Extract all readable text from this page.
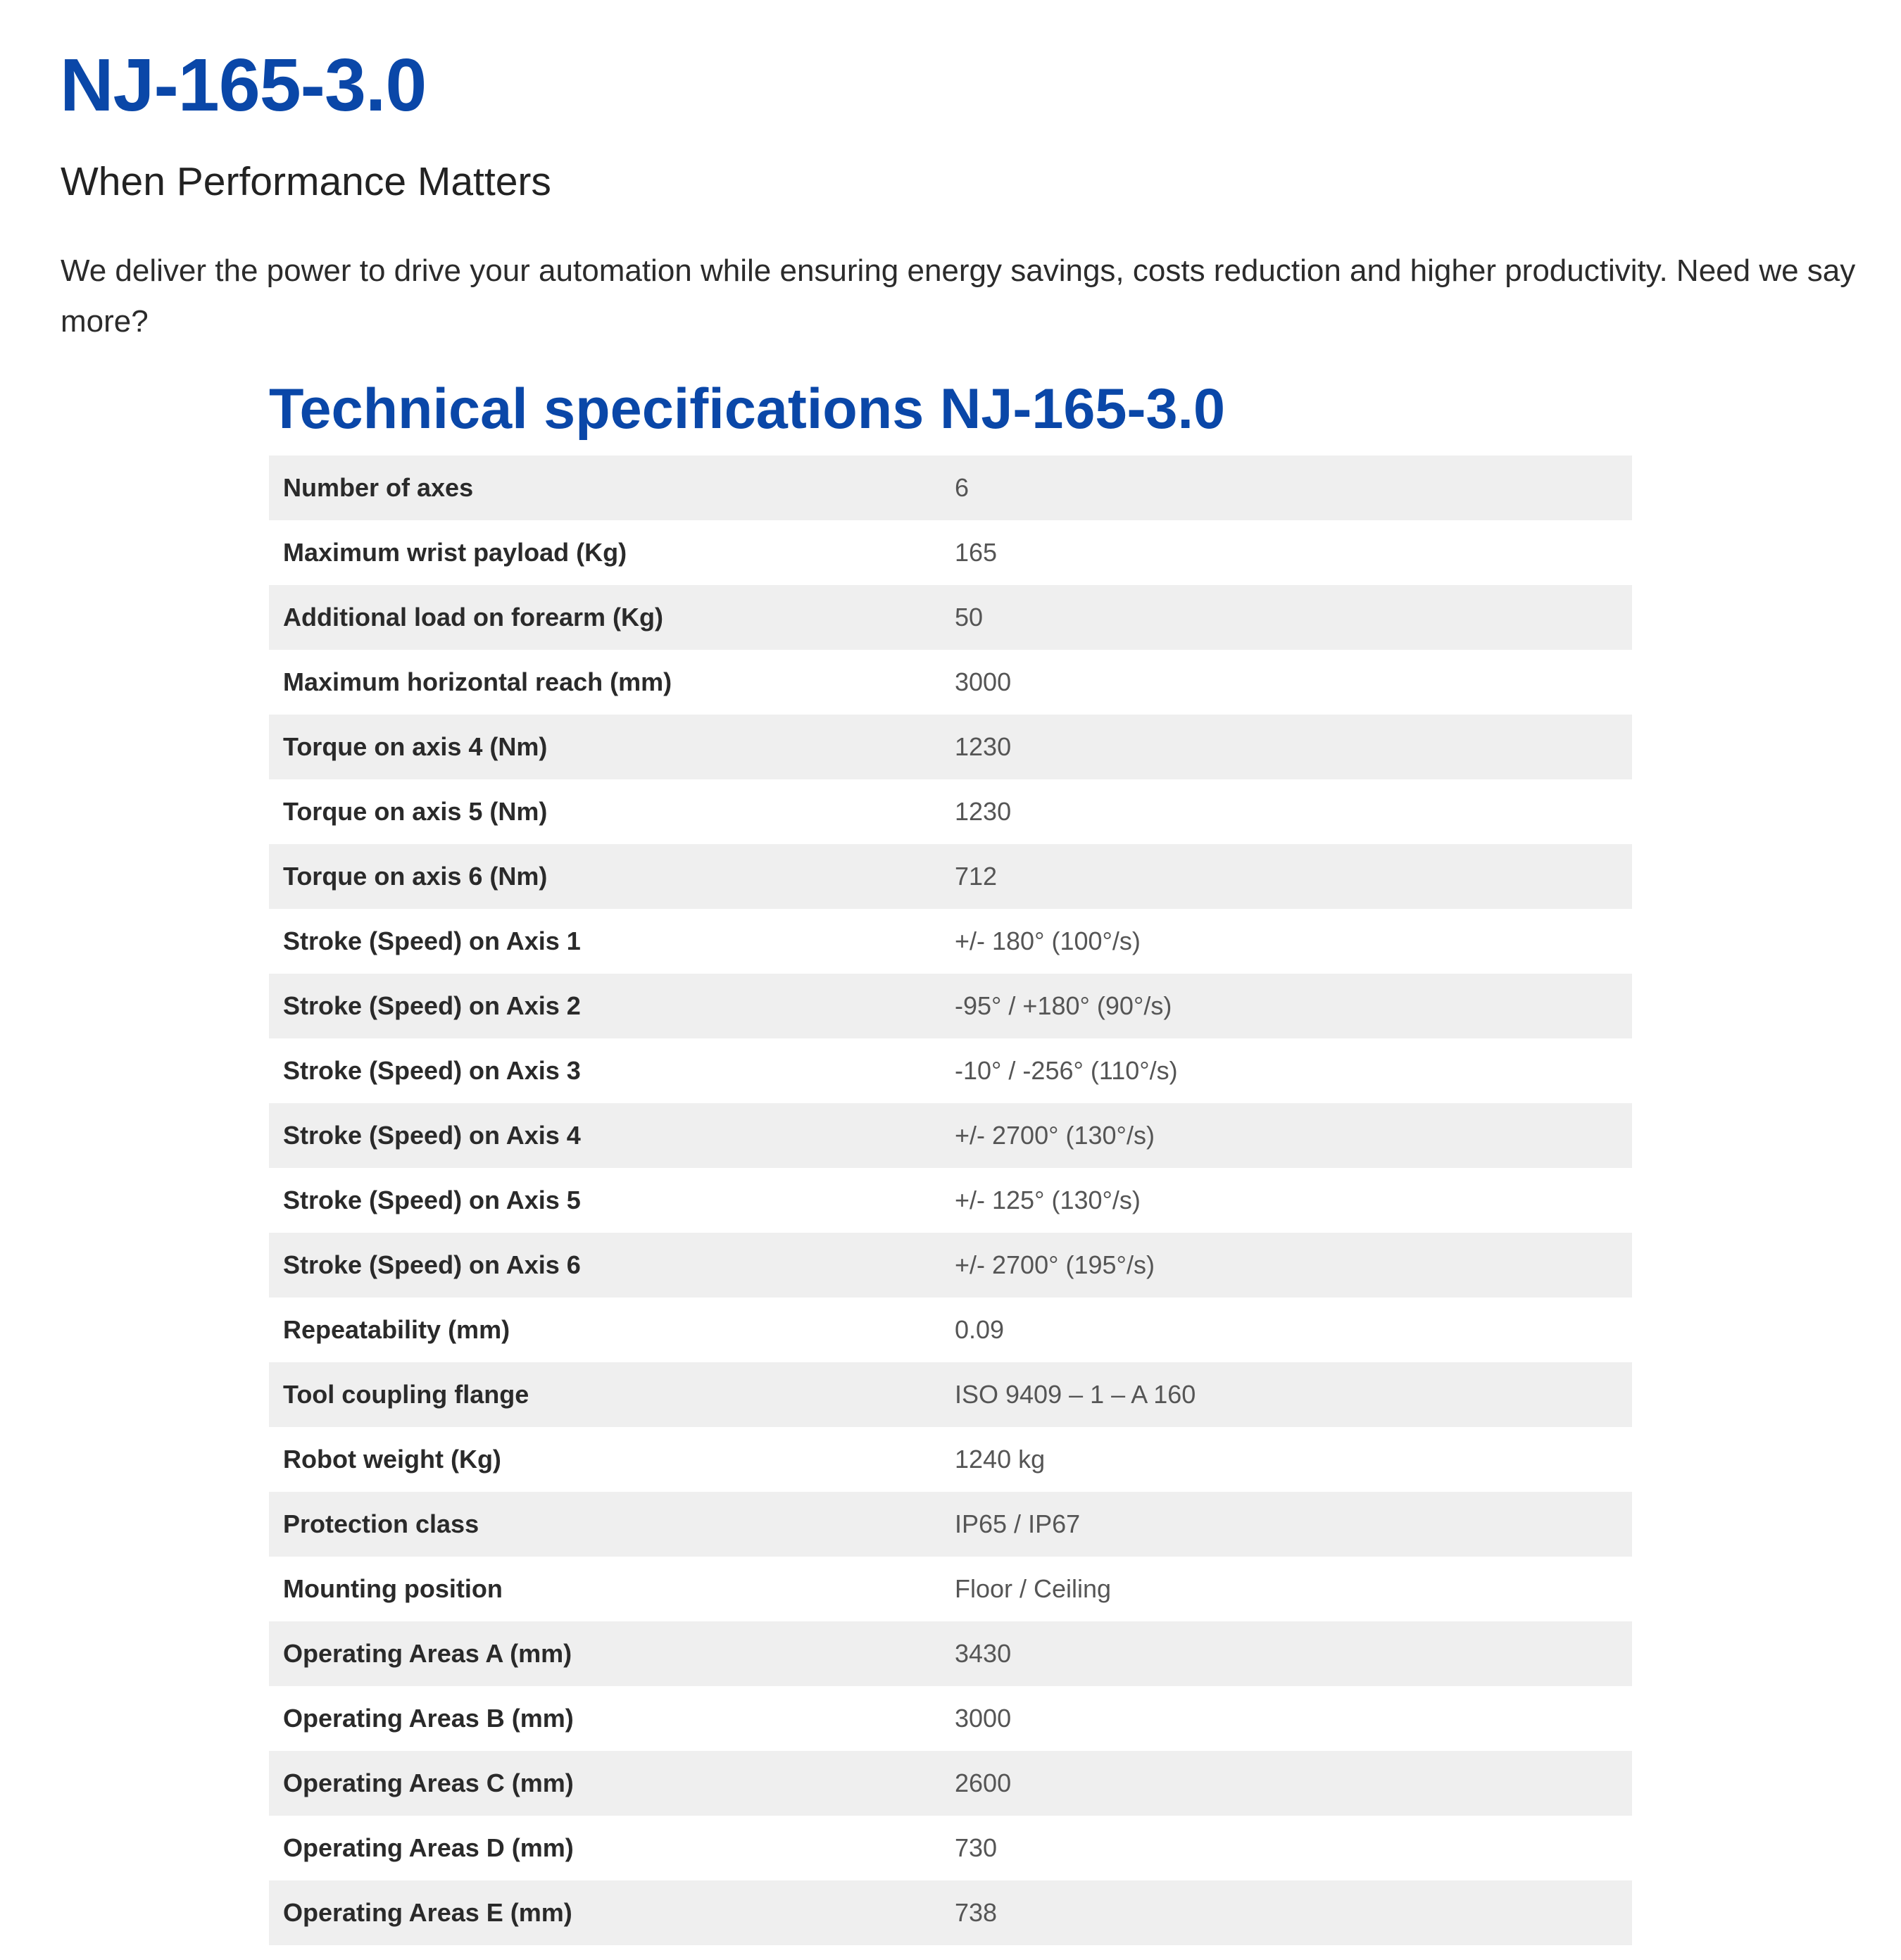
NJ-165-3.0
When Performance Matters

We deliver the power to drive your automation while ensuring energy savings, costs reduction and higher productivity. Need we say more?

Technical specifications NJ-165-3.0
Number of axes	6
Maximum wrist payload (Kg)	165
Additional load on forearm (Kg)	50
Maximum horizontal reach (mm)	3000
Torque on axis 4 (Nm)	1230
Torque on axis 5 (Nm)	1230
Torque on axis 6 (Nm)	712
Stroke (Speed) on Axis 1	+/- 180° (100°/s)
Stroke (Speed) on Axis 2	-95° / +180° (90°/s)
Stroke (Speed) on Axis 3	-10° / -256° (110°/s)
Stroke (Speed) on Axis 4	+/- 2700° (130°/s)
Stroke (Speed) on Axis 5	+/- 125° (130°/s)
Stroke (Speed) on Axis 6	+/- 2700° (195°/s)
Repeatability (mm)	0.09
Tool coupling flange	ISO 9409 – 1 – A 160
Robot weight (Kg)	1240 kg
Protection class	IP65 / IP67
Mounting position	Floor / Ceiling
Operating Areas A (mm)	3430
Operating Areas B (mm)	3000
Operating Areas C (mm)	2600
Operating Areas D (mm)	730
Operating Areas E (mm)	738
